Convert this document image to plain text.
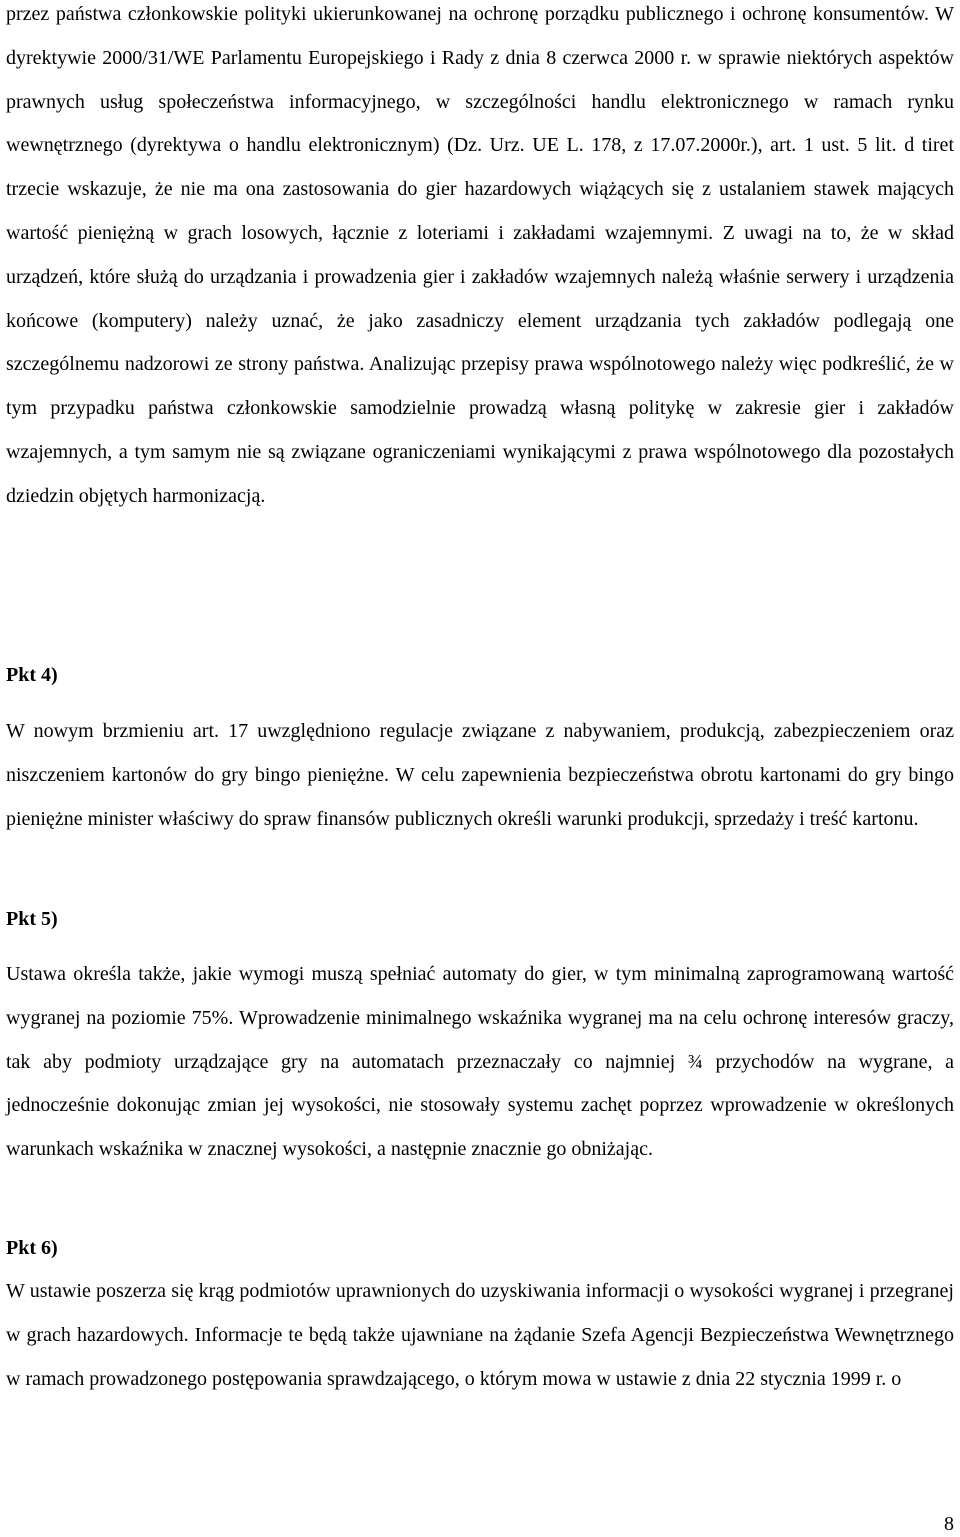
przez państwa członkowskie polityki ukierunkowanej na ochronę porządku publicznego i ochronę konsumentów. W dyrektywie 2000/31/WE Parlamentu Europejskiego i Rady z dnia 8 czerwca 2000 r. w sprawie niektórych aspektów prawnych usług społeczeństwa informacyjnego, w szczególności handlu elektronicznego w ramach rynku wewnętrznego (dyrektywa o handlu elektronicznym) (Dz. Urz. UE L. 178, z 17.07.2000r.), art. 1 ust. 5 lit. d tiret trzecie wskazuje, że nie ma ona zastosowania do gier hazardowych wiążących się z ustalaniem stawek mających wartość pieniężną w grach losowych, łącznie z loteriami i zakładami wzajemnymi. Z uwagi na to, że w skład urządzeń, które służą do urządzania i prowadzenia gier i zakładów wzajemnych należą właśnie serwery i urządzenia końcowe (komputery) należy uznać, że jako zasadniczy element urządzania tych zakładów podlegają one szczególnemu nadzorowi ze strony państwa. Analizując przepisy prawa wspólnotowego należy więc podkreślić, że w tym przypadku państwa członkowskie samodzielnie prowadzą własną politykę w zakresie gier i zakładów wzajemnych, a tym samym nie są związane ograniczeniami wynikającymi z prawa wspólnotowego dla pozostałych dziedzin objętych harmonizacją.

Pkt 4)

W nowym brzmieniu art. 17 uwzględniono regulacje związane z nabywaniem, produkcją, zabezpieczeniem oraz niszczeniem kartonów do gry bingo pieniężne. W celu zapewnienia bezpieczeństwa obrotu kartonami do gry bingo pieniężne minister właściwy do spraw finansów publicznych określi warunki produkcji, sprzedaży i treść kartonu.

Pkt 5)

Ustawa określa także, jakie wymogi muszą spełniać automaty do gier, w tym minimalną zaprogramowaną wartość wygranej na poziomie 75%. Wprowadzenie minimalnego wskaźnika wygranej ma na celu ochronę interesów graczy, tak aby podmioty urządzające gry na automatach przeznaczały co najmniej ¾ przychodów na wygrane, a jednocześnie dokonując zmian jej wysokości, nie stosowały systemu zachęt poprzez wprowadzenie w określonych warunkach wskaźnika w znacznej wysokości, a następnie znacznie go obniżając.

Pkt 6)

W ustawie poszerza się krąg podmiotów uprawnionych do uzyskiwania informacji o wysokości wygranej i przegranej w grach hazardowych. Informacje te będą także ujawniane na żądanie Szefa Agencji Bezpieczeństwa Wewnętrznego w ramach prowadzonego postępowania sprawdzającego, o którym mowa w ustawie z dnia 22 stycznia 1999 r. o

8
